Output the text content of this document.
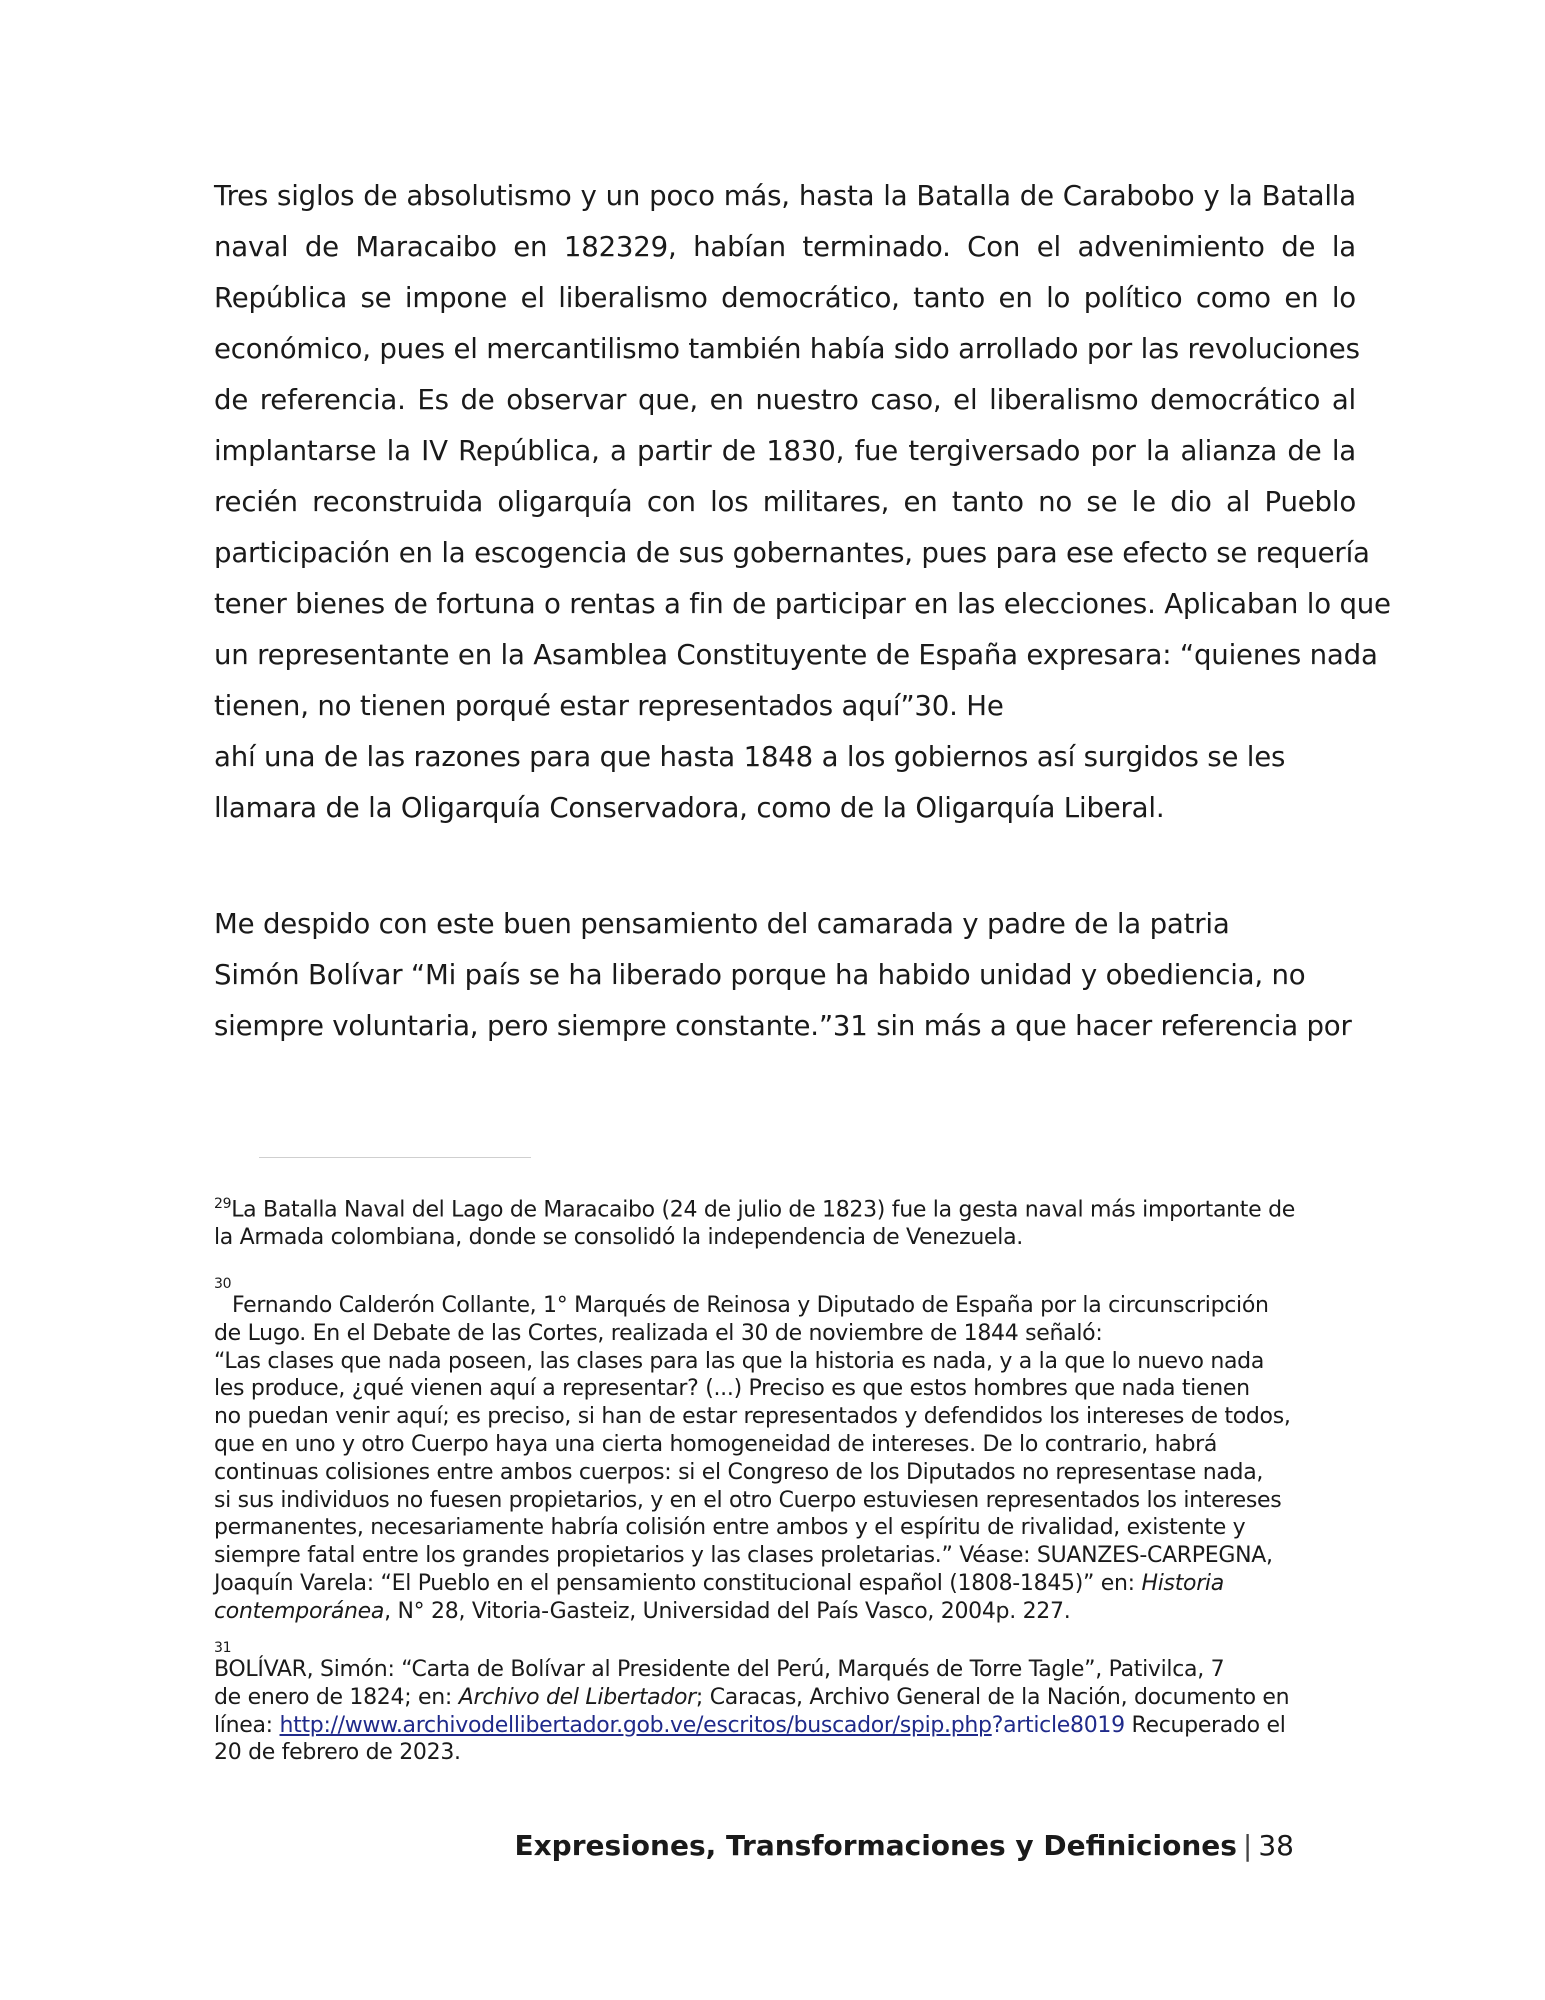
Tres siglos de absolutismo y un poco más, hasta la Batalla de Carabobo y la Batalla
naval de Maracaibo en 182329, habían terminado. Con el advenimiento de la
República se impone el liberalismo democrático, tanto en lo político como en lo
económico, pues el mercantilismo también había sido arrollado por las revoluciones
de referencia. Es de observar que, en nuestro caso, el liberalismo democrático al
implantarse la IV República, a partir de 1830, fue tergiversado por la alianza de la
recién reconstruida oligarquía con los militares, en tanto no se le dio al Pueblo
participación en la escogencia de sus gobernantes, pues para ese efecto se requería
tener bienes de fortuna o rentas a fin de participar en las elecciones. Aplicaban lo que
un representante en la Asamblea Constituyente de España expresara: “quienes nada
tienen, no tienen porqué estar representados aquí”30. He
ahí una de las razones para que hasta 1848 a los gobiernos así surgidos se les
llamara de la Oligarquía Conservadora, como de la Oligarquía Liberal.
Me despido con este buen pensamiento del camarada y padre de la patria
Simón Bolívar “Mi país se ha liberado porque ha habido unidad y obediencia, no
siempre voluntaria, pero siempre constante.”31 sin más a que hacer referencia por
$^{29}$La Batalla Naval del Lago de Maracaibo (24 de julio de 1823) fue la gesta naval más importante de
la Armada colombiana, donde se consolidó la independencia de Venezuela.
30
Fernando Calderón Collante, 1° Marqués de Reinosa y Diputado de España por la circunscripción
de Lugo. En el Debate de las Cortes, realizada el 30 de noviembre de 1844 señaló:
“Las clases que nada poseen, las clases para las que la historia es nada, y a la que lo nuevo nada
les produce, ¿qué vienen aquí a representar? (...) Preciso es que estos hombres que nada tienen
no puedan venir aquí; es preciso, si han de estar representados y defendidos los intereses de todos,
que en uno y otro Cuerpo haya una cierta homogeneidad de intereses. De lo contrario, habrá
continuas colisiones entre ambos cuerpos: si el Congreso de los Diputados no representase nada,
si sus individuos no fuesen propietarios, y en el otro Cuerpo estuviesen representados los intereses
permanentes, necesariamente habría colisión entre ambos y el espíritu de rivalidad, existente y
siempre fatal entre los grandes propietarios y las clases proletarias.” Véase: SUANZES-CARPEGNA,
Joaquín Varela: “El Pueblo en el pensamiento constitucional español (1808-1845)” en: Historia
contemporánea, N° 28, Vitoria-Gasteiz, Universidad del País Vasco, 2004p. 227.
31
BOLÍVAR, Simón: “Carta de Bolívar al Presidente del Perú, Marqués de Torre Tagle”, Pativilca, 7
de enero de 1824; en: Archivo del Libertador; Caracas, Archivo General de la Nación, documento en
línea: http://www.archivodellibertador.gob.ve/escritos/buscador/spip.php?article8019 Recuperado el
20 de febrero de 2023.
Expresiones, Transformaciones y Definiciones | 38
